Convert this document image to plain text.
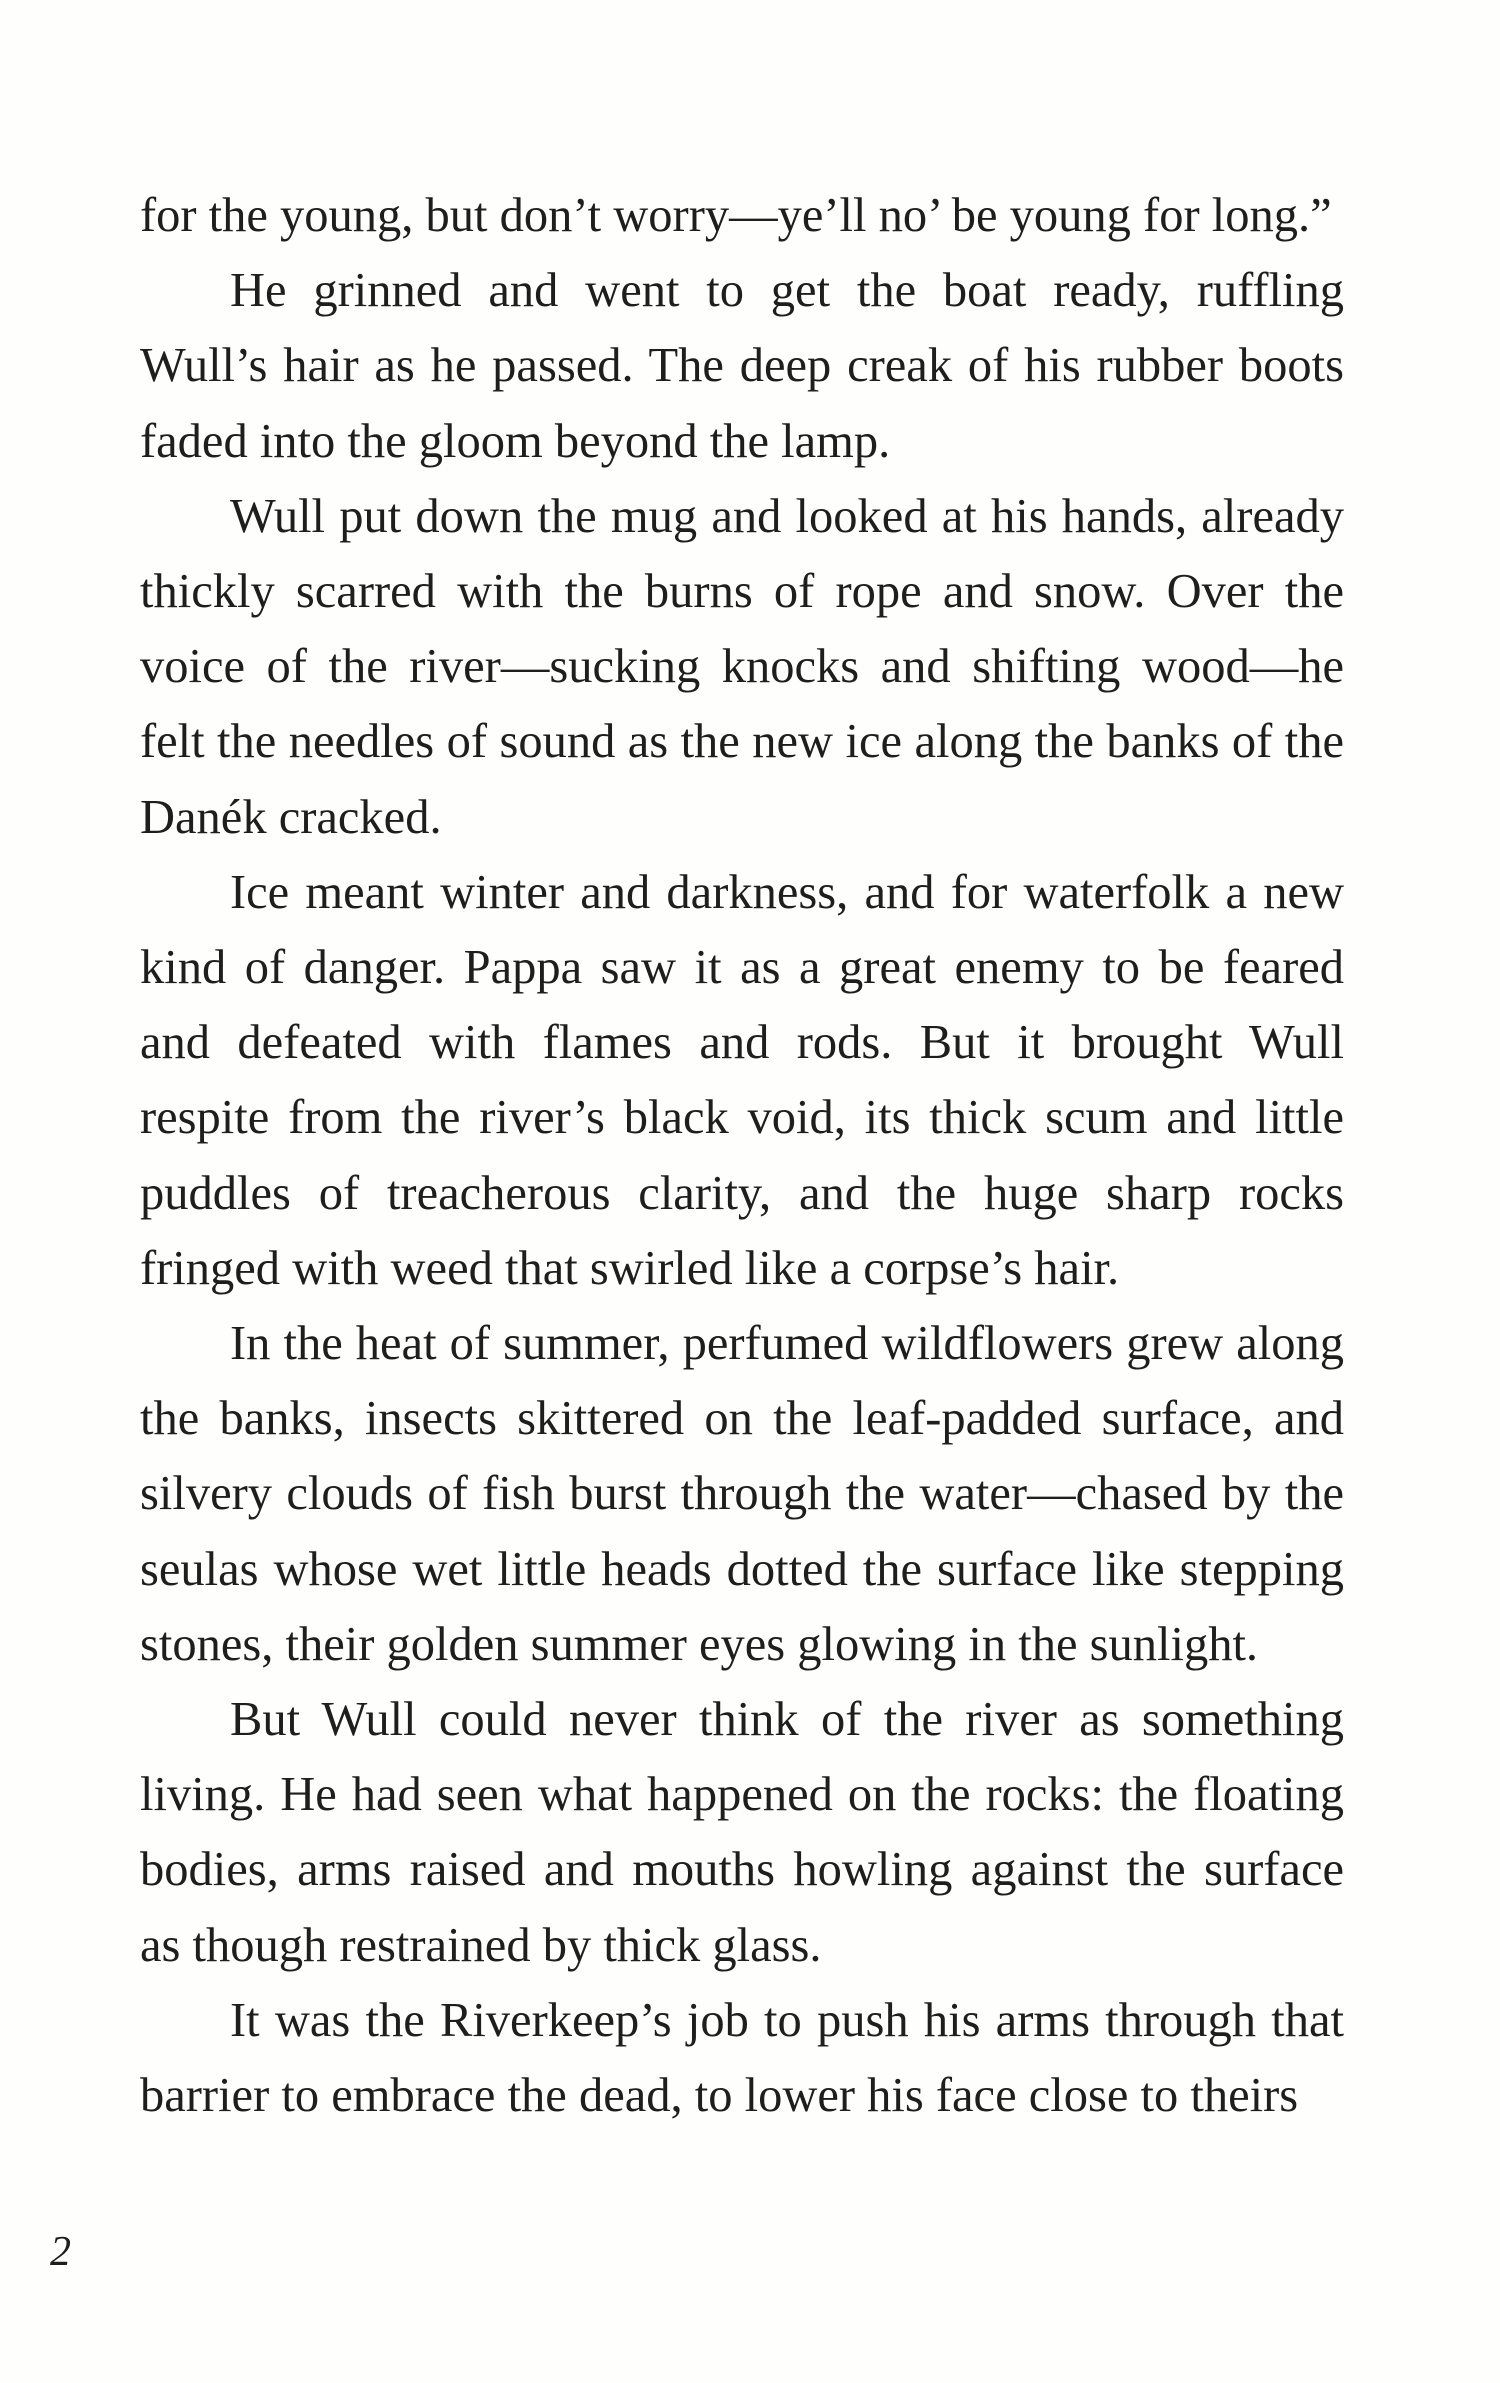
for the young, but don’t worry—ye’ll no’ be young for long.”

He grinned and went to get the boat ready, ruffling Wull’s hair as he passed. The deep creak of his rubber boots faded into the gloom beyond the lamp.

Wull put down the mug and looked at his hands, already thickly scarred with the burns of rope and snow. Over the voice of the river—sucking knocks and shifting wood—he felt the needles of sound as the new ice along the banks of the Danék cracked.

Ice meant winter and darkness, and for waterfolk a new kind of danger. Pappa saw it as a great enemy to be feared and defeated with flames and rods. But it brought Wull respite from the river’s black void, its thick scum and little puddles of treacherous clarity, and the huge sharp rocks fringed with weed that swirled like a corpse’s hair.

In the heat of summer, perfumed wildflowers grew along the banks, insects skittered on the leaf-padded surface, and silvery clouds of fish burst through the water—chased by the seulas whose wet little heads dotted the surface like stepping stones, their golden summer eyes glowing in the sunlight.

But Wull could never think of the river as something living. He had seen what happened on the rocks: the floating bodies, arms raised and mouths howling against the surface as though restrained by thick glass.

It was the Riverkeep’s job to push his arms through that barrier to embrace the dead, to lower his face close to theirs

2
